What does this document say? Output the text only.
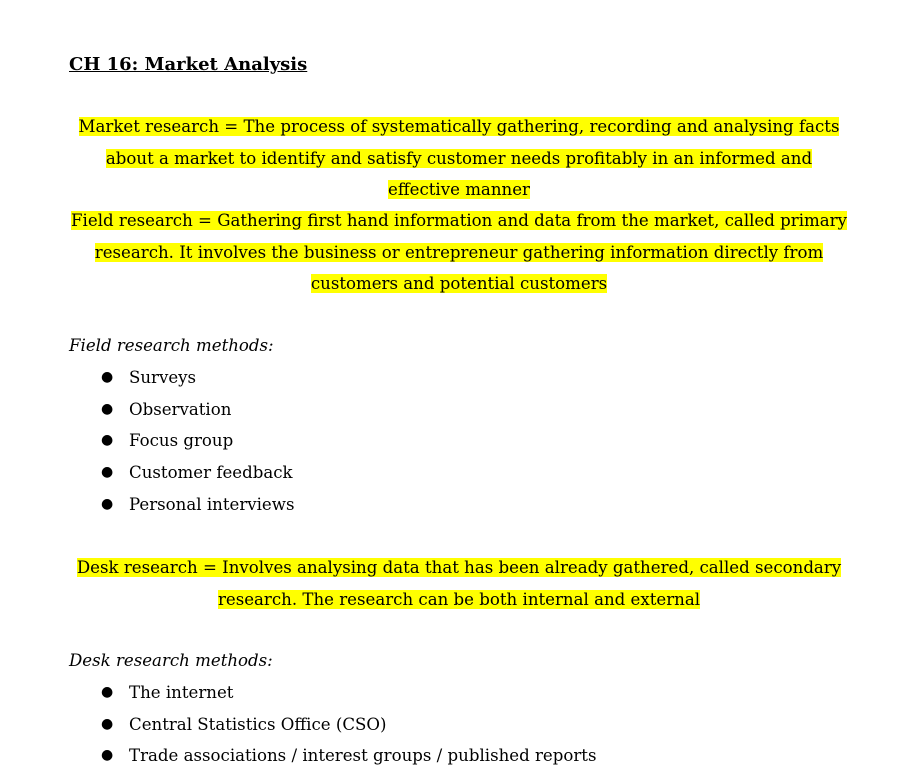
CH 16: Market Analysis

Market research = The process of systematically gathering, recording and analysing facts about a market to identify and satisfy customer needs profitably in an informed and effective manner

Field research = Gathering first hand information and data from the market, called primary research. It involves the business or entrepreneur gathering information directly from customers and potential customers

Field research methods:
● Surveys
● Observation
● Focus group
● Customer feedback
● Personal interviews

Desk research = Involves analysing data that has been already gathered, called secondary research. The research can be both internal and external

Desk research methods:
● The internet
● Central Statistics Office (CSO)
● Trade associations / interest groups / published reports
